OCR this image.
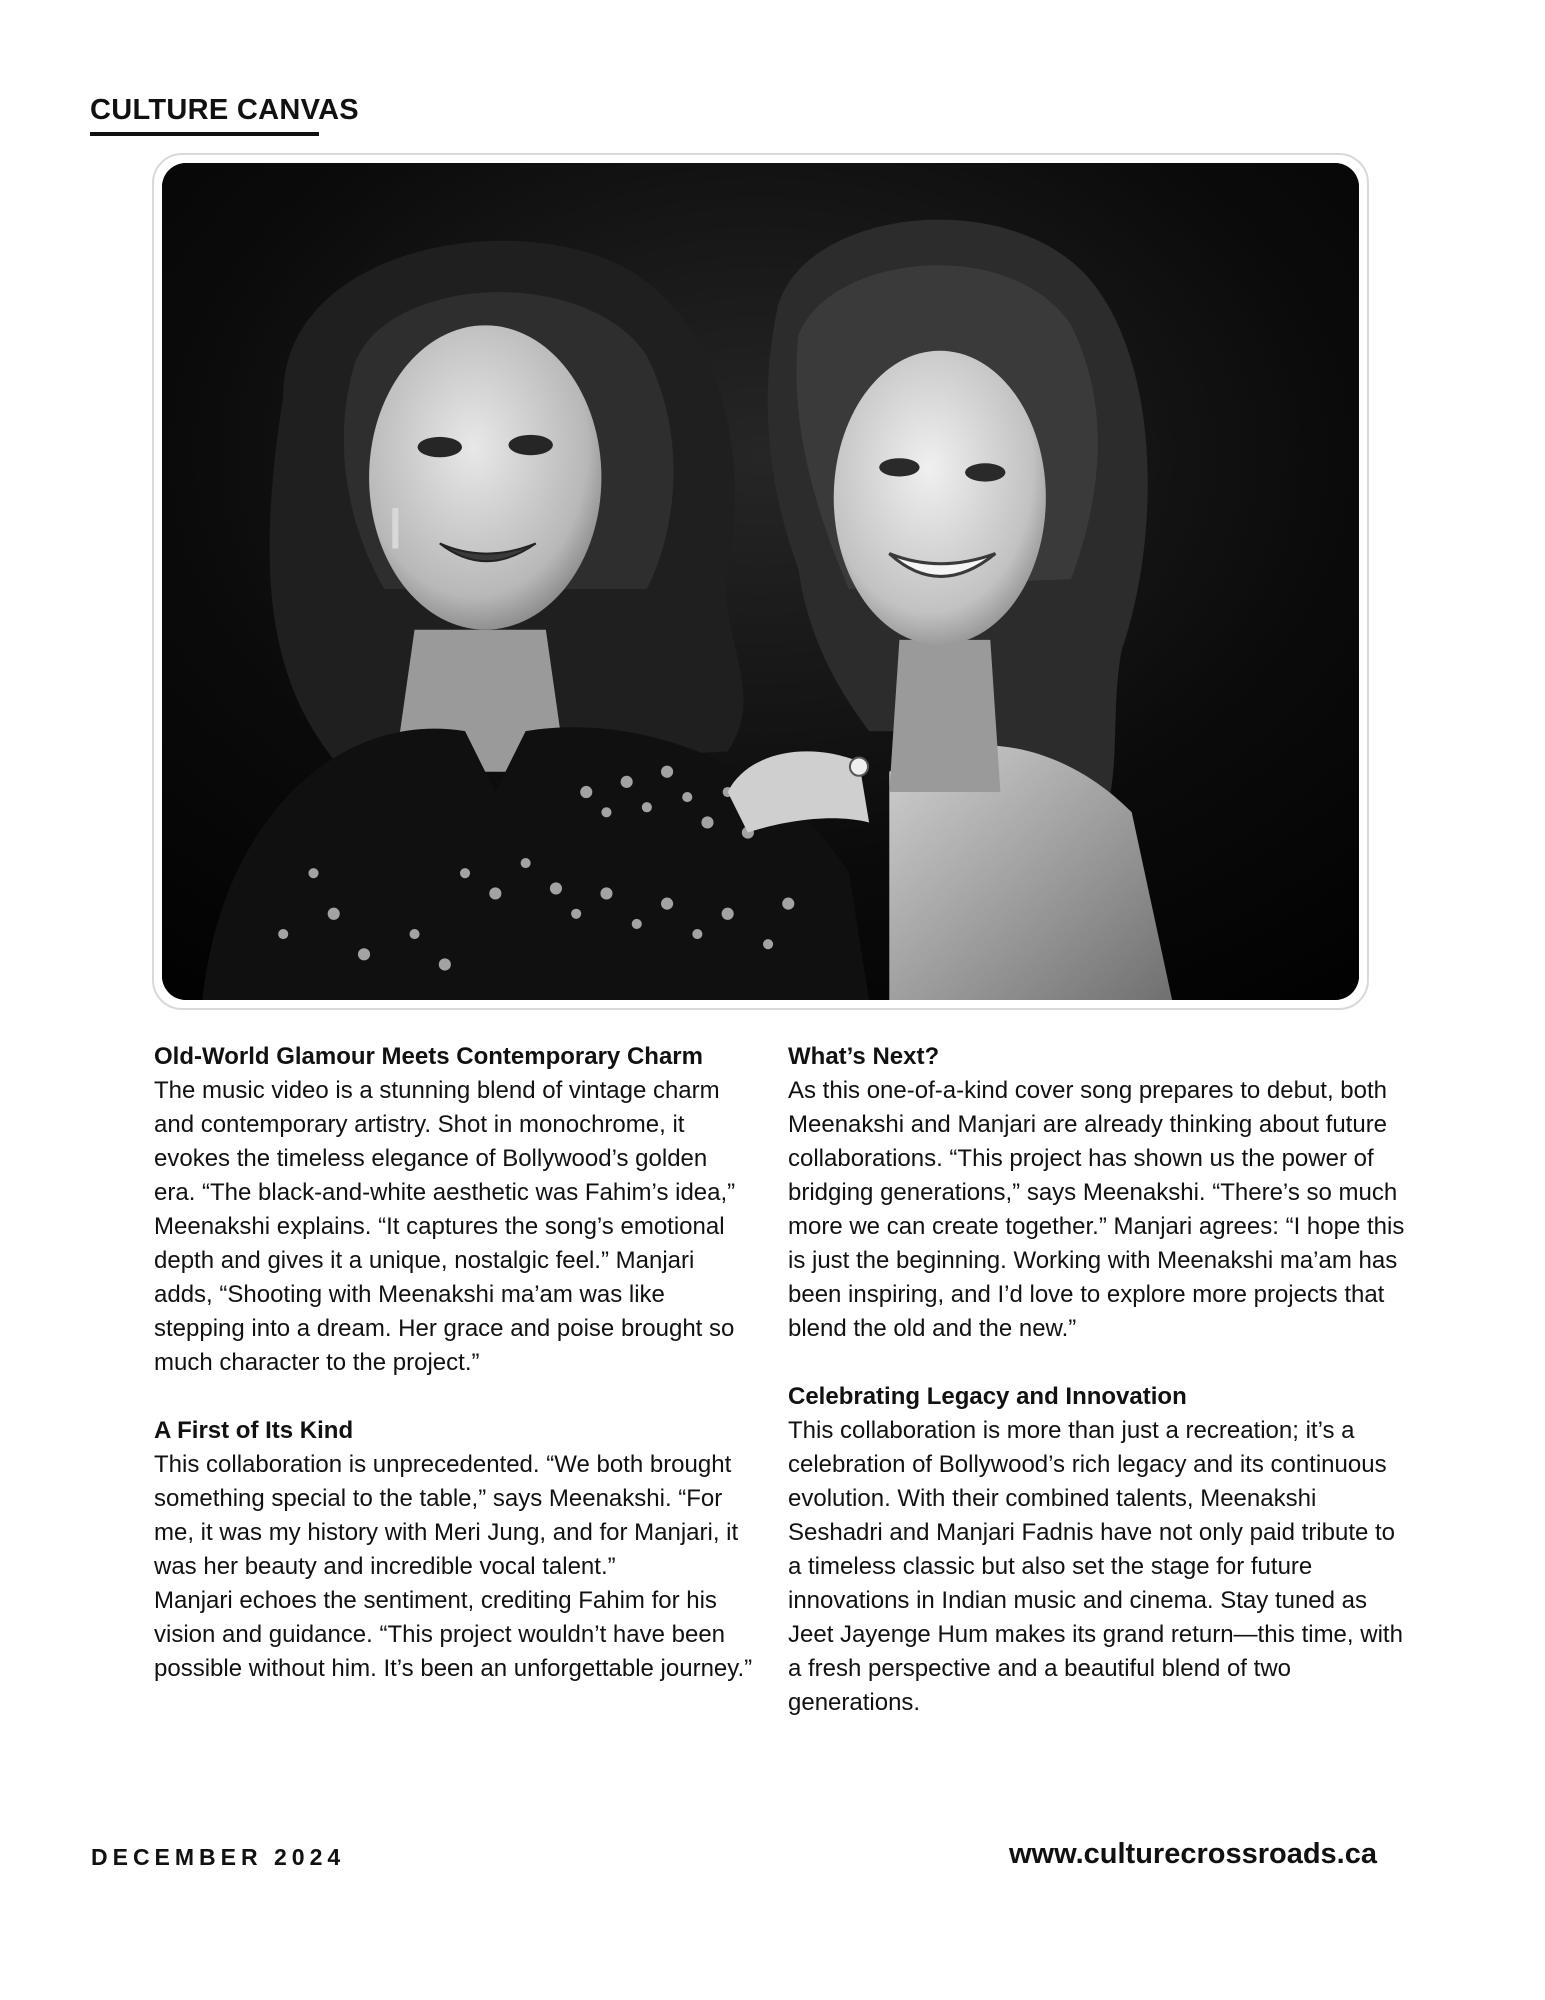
CULTURE CANVAS

Old-World Glamour Meets Contemporary Charm

The music video is a stunning blend of vintage charm and contemporary artistry. Shot in monochrome, it evokes the timeless elegance of Bollywood’s golden era. “The black-and-white aesthetic was Fahim’s idea,” Meenakshi explains. “It captures the song’s emotional depth and gives it a unique, nostalgic feel.” Manjari adds, “Shooting with Meenakshi ma’am was like stepping into a dream. Her grace and poise brought so much character to the project.”

A First of Its Kind

This collaboration is unprecedented. “We both brought something special to the table,” says Meenakshi. “For me, it was my history with Meri Jung, and for Manjari, it was her beauty and incredible vocal talent.”

Manjari echoes the sentiment, crediting Fahim for his vision and guidance. “This project wouldn’t have been possible without him. It’s been an unforgettable journey.”

What’s Next?

As this one-of-a-kind cover song prepares to debut, both Meenakshi and Manjari are already thinking about future collaborations. “This project has shown us the power of bridging generations,” says Meenakshi. “There’s so much more we can create together.” Manjari agrees: “I hope this is just the beginning. Working with Meenakshi ma’am has been inspiring, and I’d love to explore more projects that blend the old and the new.”

Celebrating Legacy and Innovation

This collaboration is more than just a recreation; it’s a celebration of Bollywood’s rich legacy and its continuous evolution. With their combined talents, Meenakshi Seshadri and Manjari Fadnis have not only paid tribute to a timeless classic but also set the stage for future innovations in Indian music and cinema. Stay tuned as Jeet Jayenge Hum makes its grand return—this time, with a fresh perspective and a beautiful blend of two generations.

DECEMBER 2024	www.culturecrossroads.ca
